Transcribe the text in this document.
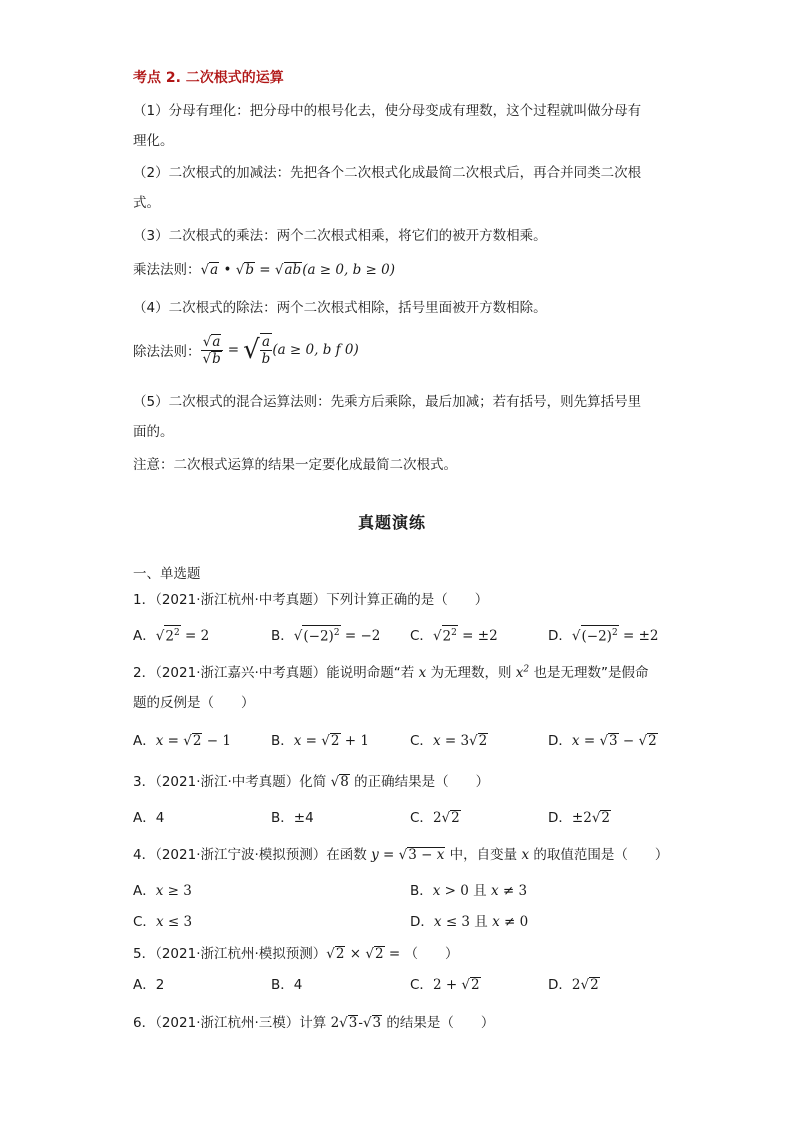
考点 2. 二次根式的运算
（1）分母有理化：把分母中的根号化去，使分母变成有理数，这个过程就叫做分母有
理化。
（2）二次根式的加减法：先把各个二次根式化成最简二次根式后，再合并同类二次根
式。
（3）二次根式的乘法：两个二次根式相乘，将它们的被开方数相乘。
乘法法则：√a • √b = √ab(a ≥ 0, b ≥ 0)
（4）二次根式的除法：两个二次根式相除，括号里面被开方数相除。
除法法则： $\frac{√a}{√b}$ = √ $\frac{a}{b} (a \ge 0$, b f 0)
（5）二次根式的混合运算法则：先乘方后乘除，最后加减；若有括号，则先算括号里
面的。
注意：二次根式运算的结果一定要化成最简二次根式。
真题演练
一、单选题
1．（2021·浙江杭州·中考真题）下列计算正确的是（　　）
A．$√2^2 = 2$	B．$√(-2)^2 = -2$ C．$√2^2 = \pm 2$	D．$√(-2)^2 = \pm 2$
2．（2021·浙江嘉兴·中考真题）能说明命题“若 x 为无理数，则 $x^2$ 也是无理数”是假命
题的反例是（　　）
A．x = √2 − 1	B．x = √2 + 1	C．x = 3√2	D．x = √3 − √2
3．（2021·浙江·中考真题）化简 √8 的正确结果是（　　）
A．4	B．±4	C．2√2	D．±2√2
4．（2021·浙江宁波·模拟预测）在函数 y = √3 − x 中，自变量 x 的取值范围是（　　）
A．x ≥ 3	B．x > 0 且 x ≠ 3
C．x ≤ 3	D．x ≤ 3 且 x ≠ 0
5．（2021·浙江杭州·模拟预测）√2 × √2 = （　　）
A．2	B．4	C．2 + √2	D．2√2
6．（2021·浙江杭州·三模）计算 2√3-√3 的结果是（　　）
